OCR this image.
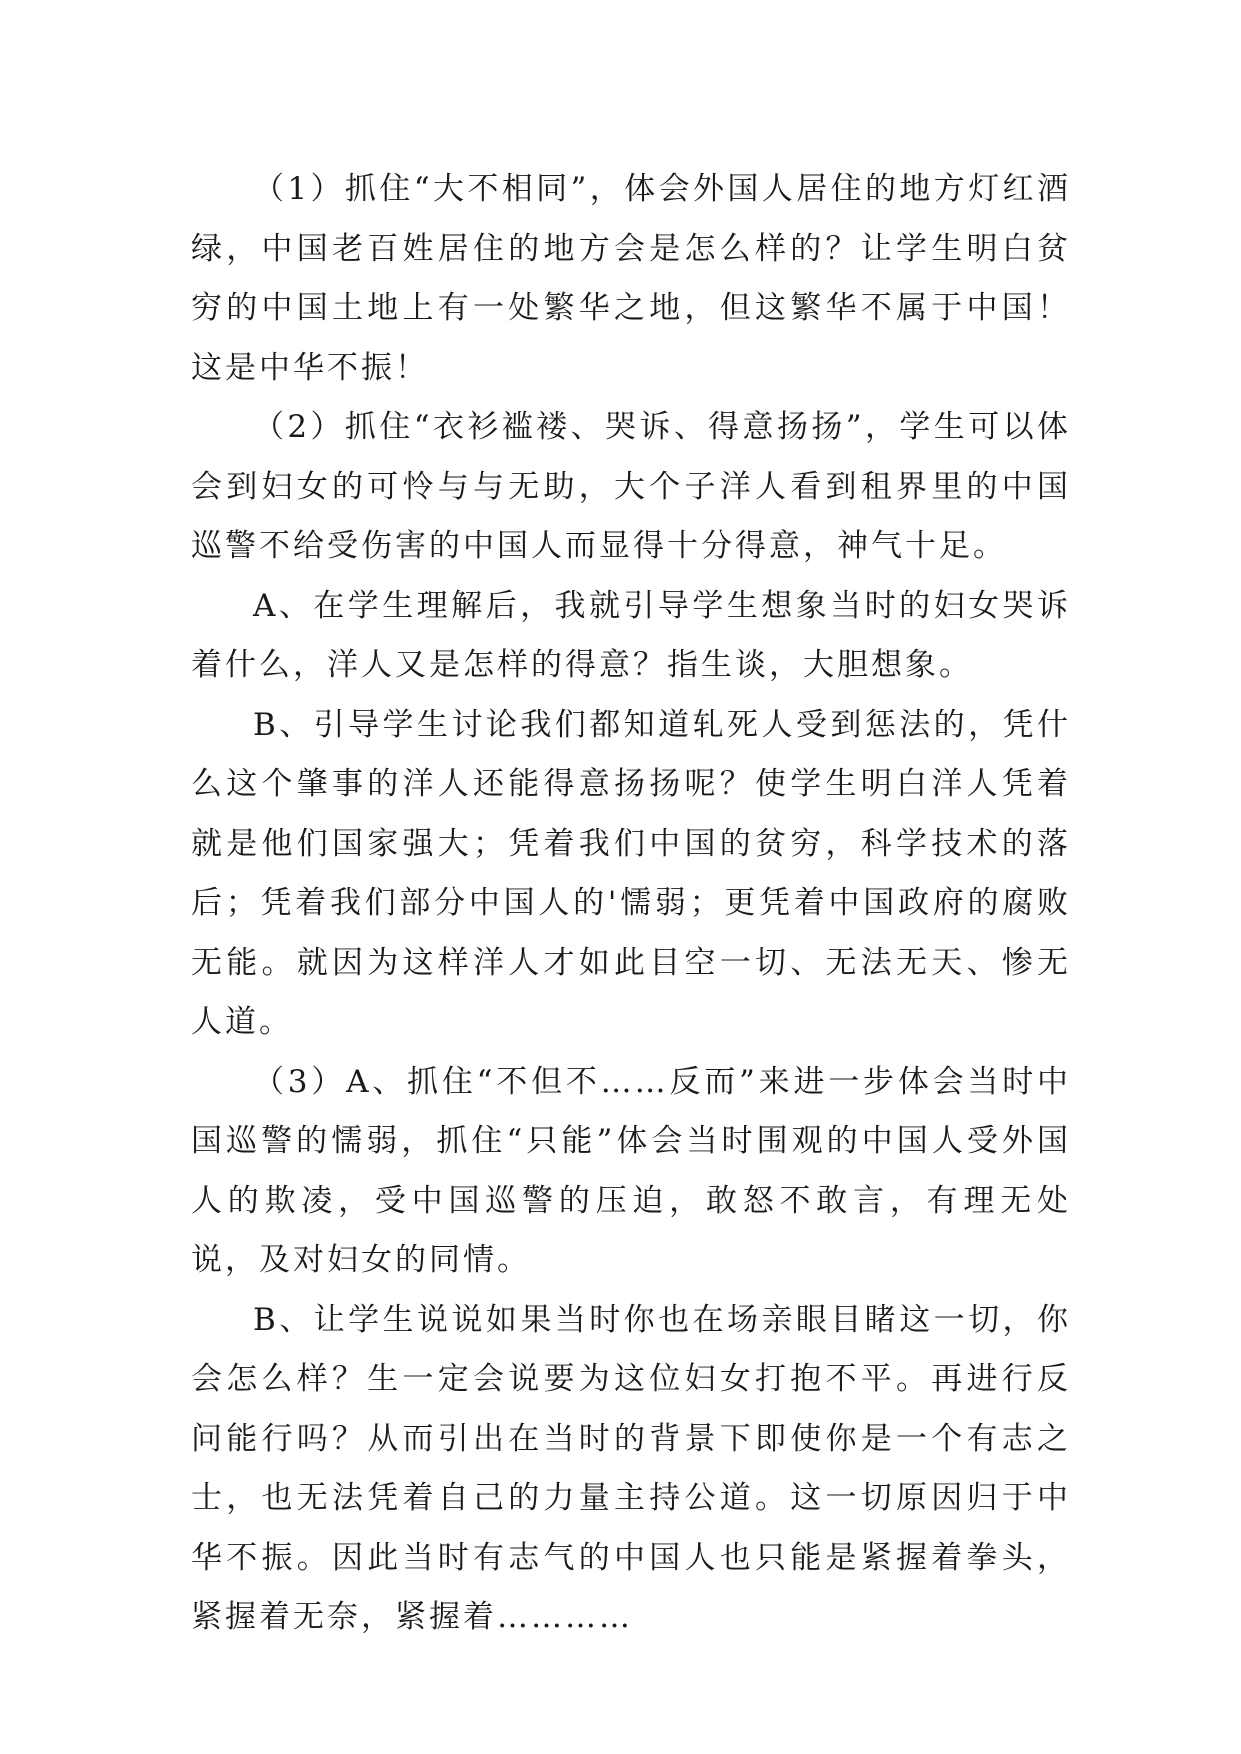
（1）抓住“大不相同”，体会外国人居住的地方灯红酒绿，中国老百姓居住的地方会是怎么样的？让学生明白贫穷的中国土地上有一处繁华之地，但这繁华不属于中国！这是中华不振！

（2）抓住“衣衫褴褛、哭诉、得意扬扬”，学生可以体会到妇女的可怜与与无助，大个子洋人看到租界里的中国巡警不给受伤害的中国人而显得十分得意，神气十足。

A、在学生理解后，我就引导学生想象当时的妇女哭诉着什么，洋人又是怎样的得意？指生谈，大胆想象。

B、引导学生讨论我们都知道轧死人受到惩法的，凭什么这个肇事的洋人还能得意扬扬呢？使学生明白洋人凭着就是他们国家强大；凭着我们中国的贫穷，科学技术的落后；凭着我们部分中国人的'懦弱；更凭着中国政府的腐败无能。就因为这样洋人才如此目空一切、无法无天、惨无人道。

（3）A、抓住“不但不……反而”来进一步体会当时中国巡警的懦弱，抓住“只能”体会当时围观的中国人受外国人的欺凌，受中国巡警的压迫，敢怒不敢言，有理无处说，及对妇女的同情。

B、让学生说说如果当时你也在场亲眼目睹这一切，你会怎么样？生一定会说要为这位妇女打抱不平。再进行反问能行吗？从而引出在当时的背景下即使你是一个有志之士，也无法凭着自己的力量主持公道。这一切原因归于中华不振。因此当时有志气的中国人也只能是紧握着拳头，紧握着无奈，紧握着…………
